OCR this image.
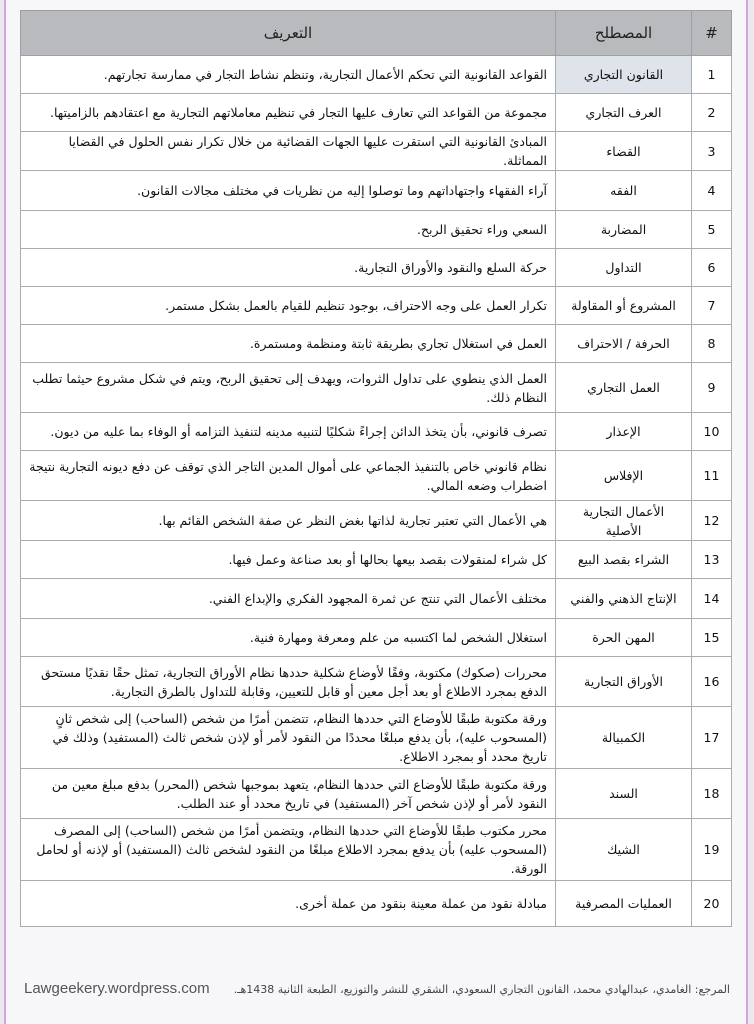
#	المصطلح	التعريف
1	القانون التجاري	القواعد القانونية التي تحكم الأعمال التجارية، وتنظم نشاط التجار في ممارسة تجارتهم.
2	العرف التجاري	مجموعة من القواعد التي تعارف عليها التجار في تنظيم معاملاتهم التجارية مع اعتقادهم بالزاميتها.
3	القضاء	المبادئ القانونية التي استقرت عليها الجهات القضائية من خلال تكرار نفس الحلول في القضايا المماثلة.
4	الفقه	آراء الفقهاء واجتهاداتهم وما توصلوا إليه من نظريات في مختلف مجالات القانون.
5	المضاربة	السعي وراء تحقيق الربح.
6	التداول	حركة السلع والنقود والأوراق التجارية.
7	المشروع أو المقاولة	تكرار العمل على وجه الاحتراف، بوجود تنظيم للقيام بالعمل بشكل مستمر.
8	الحرفة / الاحتراف	العمل في استغلال تجاري بطريقة ثابتة ومنظمة ومستمرة.
9	العمل التجاري	العمل الذي ينطوي على تداول الثروات، ويهدف إلى تحقيق الربح، ويتم في شكل مشروع حيثما تطلب النظام ذلك.
10	الإعذار	تصرف قانوني، بأن يتخذ الدائن إجراءً شكليًا لتنبيه مدينه لتنفيذ التزامه أو الوفاء بما عليه من ديون.
11	الإفلاس	نظام قانوني خاص بالتنفيذ الجماعي على أموال المدين التاجر الذي توقف عن دفع ديونه التجارية نتيجة اضطراب وضعه المالي.
12	الأعمال التجارية الأصلية	هي الأعمال التي تعتبر تجارية لذاتها بغض النظر عن صفة الشخص القائم بها.
13	الشراء بقصد البيع	كل شراء لمنقولات بقصد بيعها بحالها أو بعد صناعة وعمل فيها.
14	الإنتاج الذهني والفني	مختلف الأعمال التي تنتج عن ثمرة المجهود الفكري والإبداع الفني.
15	المهن الحرة	استغلال الشخص لما اكتسبه من علم ومعرفة ومهارة فنية.
16	الأوراق التجارية	محررات (صكوك) مكتوبة، وفقًا لأوضاع شكلية حددها نظام الأوراق التجارية، تمثل حقًا نقديًا مستحق الدفع بمجرد الاطلاع أو بعد أجل معين أو قابل للتعيين، وقابلة للتداول بالطرق التجارية.
17	الكمبيالة	ورقة مكتوبة طبقًا للأوضاع التي حددها النظام، تتضمن أمرًا من شخص (الساحب) إلى شخص ثانٍ (المسحوب عليه)، بأن يدفع مبلغًا محددًا من النقود لأمر أو لإذن شخص ثالث (المستفيد) وذلك في تاريخ محدد أو بمجرد الاطلاع.
18	السند	ورقة مكتوبة طبقًا للأوضاع التي حددها النظام، يتعهد بموجبها شخص (المحرر) بدفع مبلغ معين من النقود لأمر أو لإذن شخص آخر (المستفيد) في تاريخ محدد أو عند الطلب.
19	الشيك	محرر مكتوب طبقًا للأوضاع التي حددها النظام، ويتضمن أمرًا من شخص (الساحب) إلى المصرف (المسحوب عليه) بأن يدفع بمجرد الاطلاع مبلغًا من النقود لشخص ثالث (المستفيد) أو لإذنه أو لحامل الورقة.
20	العمليات المصرفية	مبادلة نقود من عملة معينة بنقود من عملة أخرى.
Lawgeekery.wordpress.com المرجع: الغامدي، عبدالهادي محمد، القانون التجاري السعودي، الشقري للنشر والتوزيع، الطبعة الثانية 1438هـ.
